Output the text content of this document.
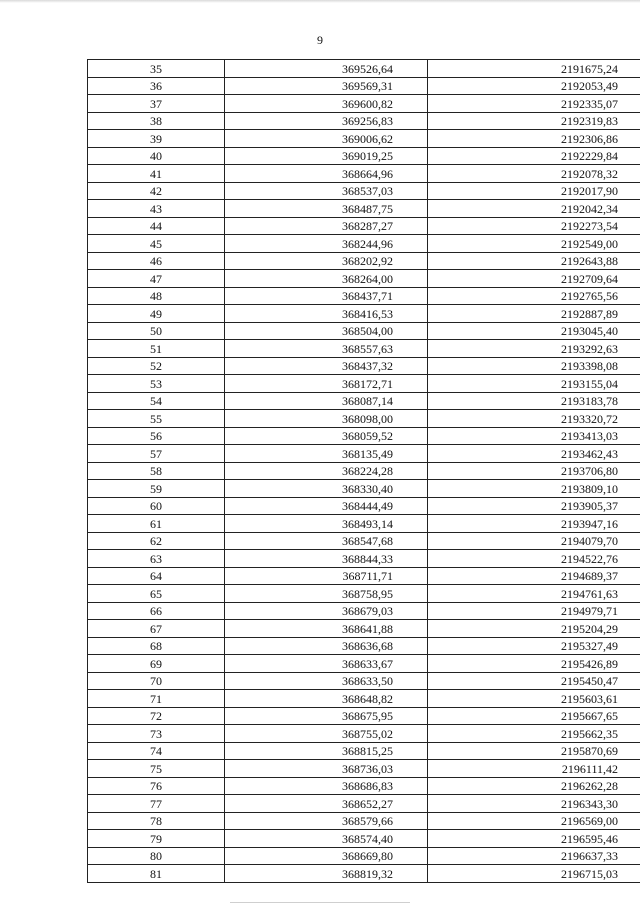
9
35	369526,64	2191675,24
36	369569,31	2192053,49
37	369600,82	2192335,07
38	369256,83	2192319,83
39	369006,62	2192306,86
40	369019,25	2192229,84
41	368664,96	2192078,32
42	368537,03	2192017,90
43	368487,75	2192042,34
44	368287,27	2192273,54
45	368244,96	2192549,00
46	368202,92	2192643,88
47	368264,00	2192709,64
48	368437,71	2192765,56
49	368416,53	2192887,89
50	368504,00	2193045,40
51	368557,63	2193292,63
52	368437,32	2193398,08
53	368172,71	2193155,04
54	368087,14	2193183,78
55	368098,00	2193320,72
56	368059,52	2193413,03
57	368135,49	2193462,43
58	368224,28	2193706,80
59	368330,40	2193809,10
60	368444,49	2193905,37
61	368493,14	2193947,16
62	368547,68	2194079,70
63	368844,33	2194522,76
64	368711,71	2194689,37
65	368758,95	2194761,63
66	368679,03	2194979,71
67	368641,88	2195204,29
68	368636,68	2195327,49
69	368633,67	2195426,89
70	368633,50	2195450,47
71	368648,82	2195603,61
72	368675,95	2195667,65
73	368755,02	2195662,35
74	368815,25	2195870,69
75	368736,03	2196111,42
76	368686,83	2196262,28
77	368652,27	2196343,30
78	368579,66	2196569,00
79	368574,40	2196595,46
80	368669,80	2196637,33
81	368819,32	2196715,03
